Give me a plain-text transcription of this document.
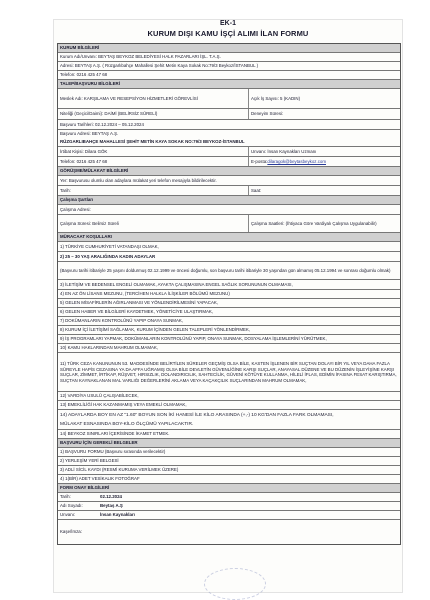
EK-1
KURUM DIŞI KAMU İŞÇİ ALIMI İLAN FORMU
KURUM BİLGİLERİ
Kurum Adı/Unvanı: BEYTAŞ BEYKOZ BELEDİYESİ HALK PAZARLARI İŞL. T.A.Ş.
Adresi: BEYTAŞ A.Ş. ( Rüzgarlıbahçe Mahallesi Şehit Metin Kaya Sokak No:79/3 Beykoz/İSTANBUL )
Telefon: 0216 425 47 68
TALEP/BAŞVURU BİLGİLERİ
Meslek Adı: KARŞILAMA VE RESEPSİYON HİZMETLERİ GÖREVLİSİ	Açık İş Sayısı: 5 (KADIN)
Niteliği (Geçici/Daimi): DAİMİ (BELİRSİZ SÜRELİ)	Deneyim Süresi:
Başvuru Tarihleri: 02.12.2024 – 05.12.2024
Başvuru Adresi: BEYTAŞ A.Ş.
RÜZGARLIBAHÇE MAHALLESİ ŞEHİT METİN KAYA SOKAK NO:79/3 BEYKOZ-İSTANBUL
İrtibat Kişisi: Dilara GÖK	Unvanı: İnsan Kaynakları Uzmanı
Telefon: 0216 425 47 68	E-posta: dilaragok@beytasbeykoz.com
GÖRÜŞME/MÜLAKAT BİLGİLERİ
Yer: Başvurusu olumlu olan adaylara mülakat yeri telefon mesajıyla bildirilecektir.
Tarih:	Saat:
Çalışma Şartları
Çalışma Adresi:
Çalışma Süresi: Belirsiz Süreli	Çalışma Saatleri: (İhtiyaca Göre Vardiyalı Çalışma Uygulanabilir)
MÜRACAAT KOŞULLARI
1) TÜRKİYE CUMHURİYETİ VATANDAŞI OLMAK,
2) 25 – 30 YAŞ ARALIĞINDA KADIN ADAYLAR
(Başvuru tarihi itibariyle 25 yaşını doldurmuş 02.12.1999 ve öncesi doğumlu, son başvuru tarihi itibariyle 30 yaşından gün almamış 05.12.1994 ve sonrası doğumlu olmak)
3) İLETİŞİM VE BEDENSEL ENGELİ OLMAMAK, AYAKTA ÇALIŞMASINA ENGEL SAĞLIK SORUNUNUN OLMAMASI,
4) EN AZ ÖN LİSANS MEZUNU, (TERCİHEN HALKLA İLİŞKİLER BÖLÜMÜ MEZUNU)
5) GELEN MİSAFİRLERİN AĞIRLANMASI VE YÖNLENDİRİLMESİNİ YAPACAK,
6) GELEN HABER VE BİLGİLERİ KAYDETMEK, YÖNETİCİYE ULAŞTIRMAK,
7) DOKÜMANLARIN KONTROLÜNÜ YAPIP ONAYA SUNMAK,
8) KURUM İÇİ İLETİŞİMİ SAĞLAMAK, KURUM İÇİNDEN GELEN TALEPLERİ YÖNLENDİRMEK,
9) İŞ PROGRAMLARI YAPMAK, DOKÜMANLARIN KONTROLÜNÜ YAPIP, ONAYA SUNMAK, DOSYALAMA İŞLEMLERİNİ YÜRÜTMEK,
10) KAMU HAKLARINDAN MAHRUM OLMAMAK,
11) TÜRK CEZA KANUNUNUN 53. MADDESİNDE BELİRTİLEN SÜRELER GEÇMİŞ OLSA BİLE, KASTEN İŞLENEN BİR SUÇTAN DOLAYI BİR YIL VEYA DAHA FAZLA SÜREYLE HAPİS CEZASINA YA DA AFFA UĞRAMIŞ OLSA BİLE DEVLETİN GÜVENLİĞİNE KARŞI SUÇLAR, ANAYASAL DÜZENE VE BU DÜZENİN İŞLEYİŞİNE KARŞI SUÇLAR, ZİMMET, İRTİKAP, RÜŞVET, HIRSIZLIK, DOLANDIRICILIK, SAHTECİLİK, GÜVENİ KÖTÜYE KULLANMA, HİLELİ İFLAS, EDİMİN İFASINA FESAT KARIŞTIRMA, SUÇTAN KAYNAKLANAN MAL VARLIĞI DEĞERLERİNİ AKLAMA VEYA KAÇAKÇILIK SUÇLARINDAN MAHRUM OLMAMAK,
12) VARDİYA USULÜ ÇALIŞABİLECEK,
13) EMEKLİLİĞİ HAK KAZANMAMIŞ VEYA EMEKLİ OLMAMAK,
14) ADAYLARDA BOY EN AZ "1.60" BOYUN SON İKİ HANESİ İLE KİLO ARASINDA (+,-) 10 KG'DAN FAZLA FARK OLMAMASI,
MÜLAKAT ESNASINDA BOY-KİLO ÖLÇÜMÜ YAPILACAKTIR.
14) BEYKOZ SINIRLARI İÇERİSİNDE İKAMET ETMEK.
BAŞVURU İÇİN GEREKLİ BELGELER
1) BAŞVURU FORMU (Başvuru sırasında verilecektir)
2) YERLEŞİM YERİ BELGESİ
3) ADLİ SİCİL KAYDI (RESMİ KURUMA VERİLMEK ÜZERE)
4) 1(BİR) ADET VESİKALIK FOTOĞRAF
FORM ONAY BİLGİLERİ
Tarih:	02.12.2024
Adı Soyadı:	Beytaş A.Ş
Unvanı:	İnsan Kaynakları
Kaşe/İmza:
